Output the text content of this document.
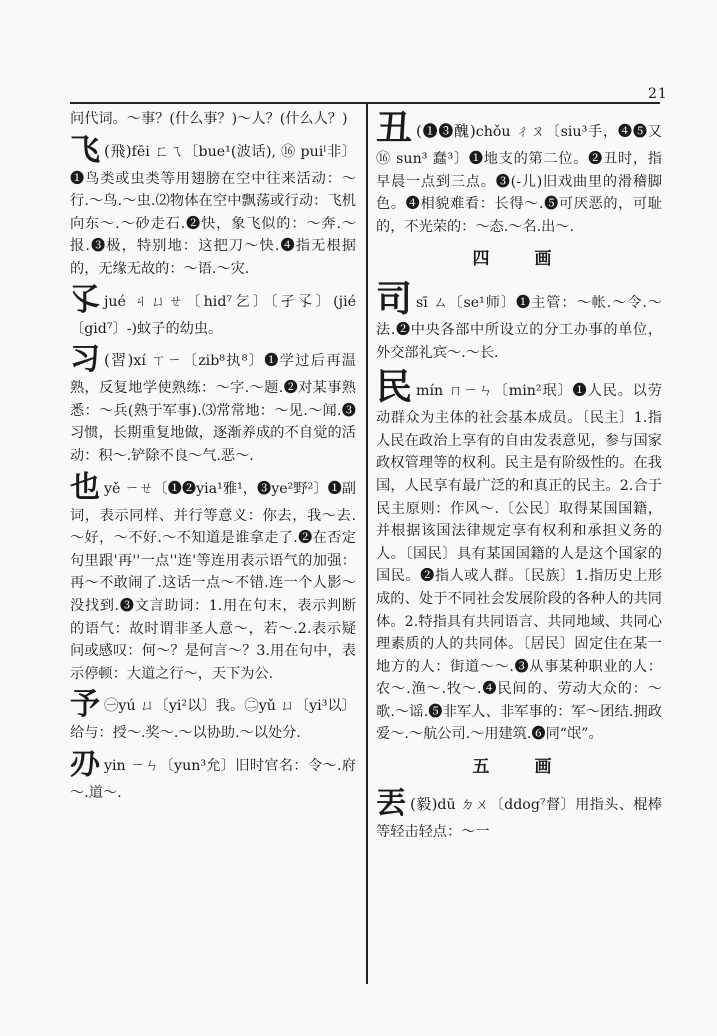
21
问代词。～事？(什么事？)～人？(什么人？)
飞 (飛)fēi ㄈㄟ〔bue¹(波话), ⑯ puiˡ非〕❶鸟类或虫类等用翅膀在空中往来活动：～行.～鸟.～虫.⑵物体在空中飘荡或行动：飞机向东～.～砂走石.❷快，象飞似的：～奔.～报.❸极，特别地：这把刀～快.❹指无根据的，无缘无故的：～语.～灾.
孓jué ㄐㄩㄝ〔hid⁷乞〕〔孑孓〕(jié〔gid⁷〕-)蚊子的幼虫。
习 (習)xí ㄒㄧ〔zib⁸执⁸〕❶学过后再温熟，反复地学使熟练：～字.～题.❷对某事熟悉：～兵(熟于军事).⑶常常地：～见.～闻.❸习惯，长期重复地做，逐渐养成的不自觉的活动：积～.铲除不良～气.恶～.
也yě ㄧㄝ〔❶❷yia¹雅¹，❸ye²野²〕❶副词，表示同样、并行等意义：你去，我～去.～好，～不好.～不知道是谁拿走了.❷在否定句里跟'再''一点''连'等连用表示语气的加强：再～不敢闹了.这话一点～不错.连一个人影～没找到.❸文言助词：1.用在句末，表示判断的语气：故时谓非圣人意～，若～.2.表示疑问或感叹：何～？是何言～？3.用在句中，表示停顿：大道之行～，天下为公.
予 ㊀yú ㄩ〔yi²以〕我。㊁yǔ ㄩ〔yi³以〕给与：授～.奖～.～以协助.～以处分.
刅yin ㄧㄣ〔yun³允〕旧时官名：令～.府～.道～.
丑 (❶❸醜)chǒu ㄔㄡ〔siu³手，❹❺又⑯ sun³ 蠢³〕❶地支的第二位。❷丑时，指早晨一点到三点。❸(-儿)旧戏曲里的滑稽脚色。❹相貌难看：长得～.❺可厌恶的，可耻的，不光荣的：～态.～名.出～.
四　画
司sī ㄙ〔se¹师〕❶主管：～帐.～令.～法.❷中央各部中所设立的分工办事的单位，外交部礼宾～.～长.
民mín ㄇㄧㄣ〔min²珉〕❶人民。以劳动群众为主体的社会基本成员。〔民主〕1.指人民在政治上享有的自由发表意见，参与国家政权管理等的权利。民主是有阶级性的。在我国，人民享有最广泛的和真正的民主。2.合于民主原则：作风～.〔公民〕取得某国国籍，并根据该国法律规定享有权利和承担义务的人。〔国民〕具有某国国籍的人是这个国家的国民。❷指人或人群。〔民族〕1.指历史上形成的、处于不同社会发展阶段的各种人的共同体。2.特指具有共同语言、共同地域、共同心理素质的人的共同体。〔居民〕固定住在某一地方的人：街道～～.❸从事某种职业的人：农～.渔～.牧～.❹民间的、劳动大众的：～歌.～谣.❺非军人、非军事的：军～团结.拥政爱～.～航公司.～用建筑.❻同“氓”。
五　画
丟 (毅)dū ㄉㄨ〔ddog⁷督〕用指头、棍棒等轻击轻点：～一
